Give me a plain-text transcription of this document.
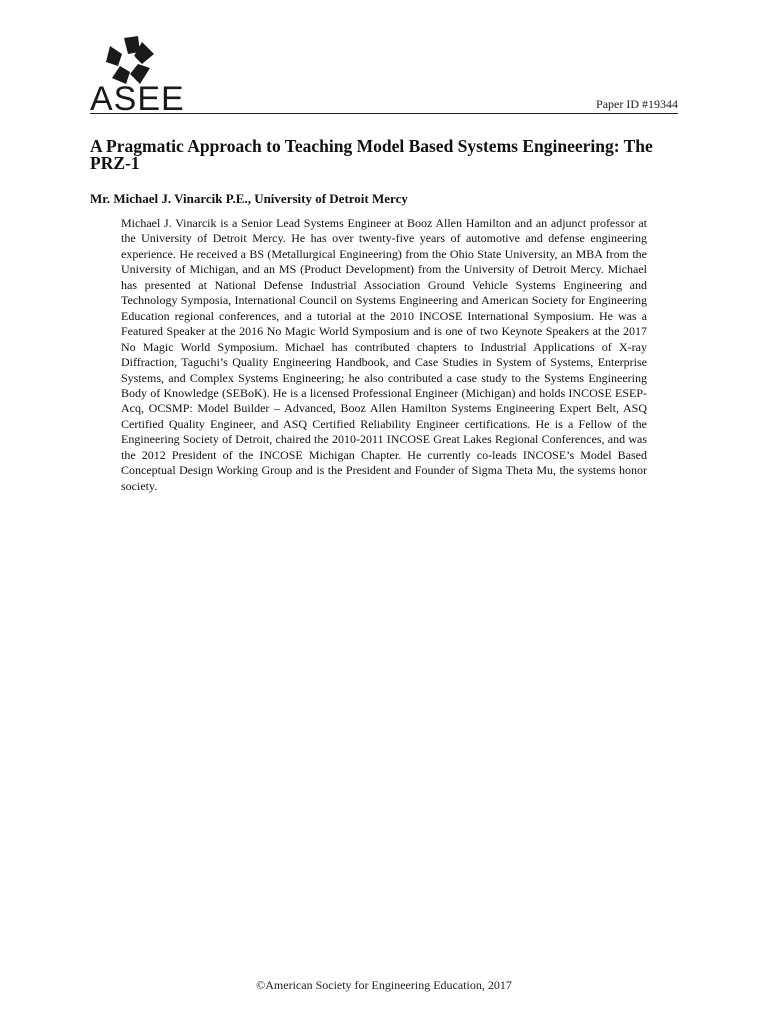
ASEE	Paper ID #19344
A Pragmatic Approach to Teaching Model Based Systems Engineering: The PRZ-1

Mr. Michael J. Vinarcik P.E., University of Detroit Mercy

Michael J. Vinarcik is a Senior Lead Systems Engineer at Booz Allen Hamilton and an adjunct professor at the University of Detroit Mercy. He has over twenty-five years of automotive and defense engineering experience. He received a BS (Metallurgical Engineering) from the Ohio State University, an MBA from the University of Michigan, and an MS (Product Development) from the University of Detroit Mercy. Michael has presented at National Defense Industrial Association Ground Vehicle Systems Engineering and Technology Symposia, International Council on Systems Engineering and American Society for Engineering Education regional conferences, and a tutorial at the 2010 INCOSE International Symposium. He was a Featured Speaker at the 2016 No Magic World Symposium and is one of two Keynote Speakers at the 2017 No Magic World Symposium. Michael has contributed chapters to Industrial Applications of X-ray Diffraction, Taguchi’s Quality Engineering Handbook, and Case Studies in System of Systems, Enterprise Systems, and Complex Systems Engineering; he also contributed a case study to the Systems Engineering Body of Knowledge (SEBoK). He is a licensed Professional Engineer (Michigan) and holds INCOSE ESEP-Acq, OCSMP: Model Builder – Advanced, Booz Allen Hamilton Systems Engineering Expert Belt, ASQ Certified Quality Engineer, and ASQ Certified Reliability Engineer certifications. He is a Fellow of the Engineering Society of Detroit, chaired the 2010-2011 INCOSE Great Lakes Regional Conferences, and was the 2012 President of the INCOSE Michigan Chapter. He currently co-leads INCOSE’s Model Based Conceptual Design Working Group and is the President and Founder of Sigma Theta Mu, the systems honor society.

©American Society for Engineering Education, 2017
